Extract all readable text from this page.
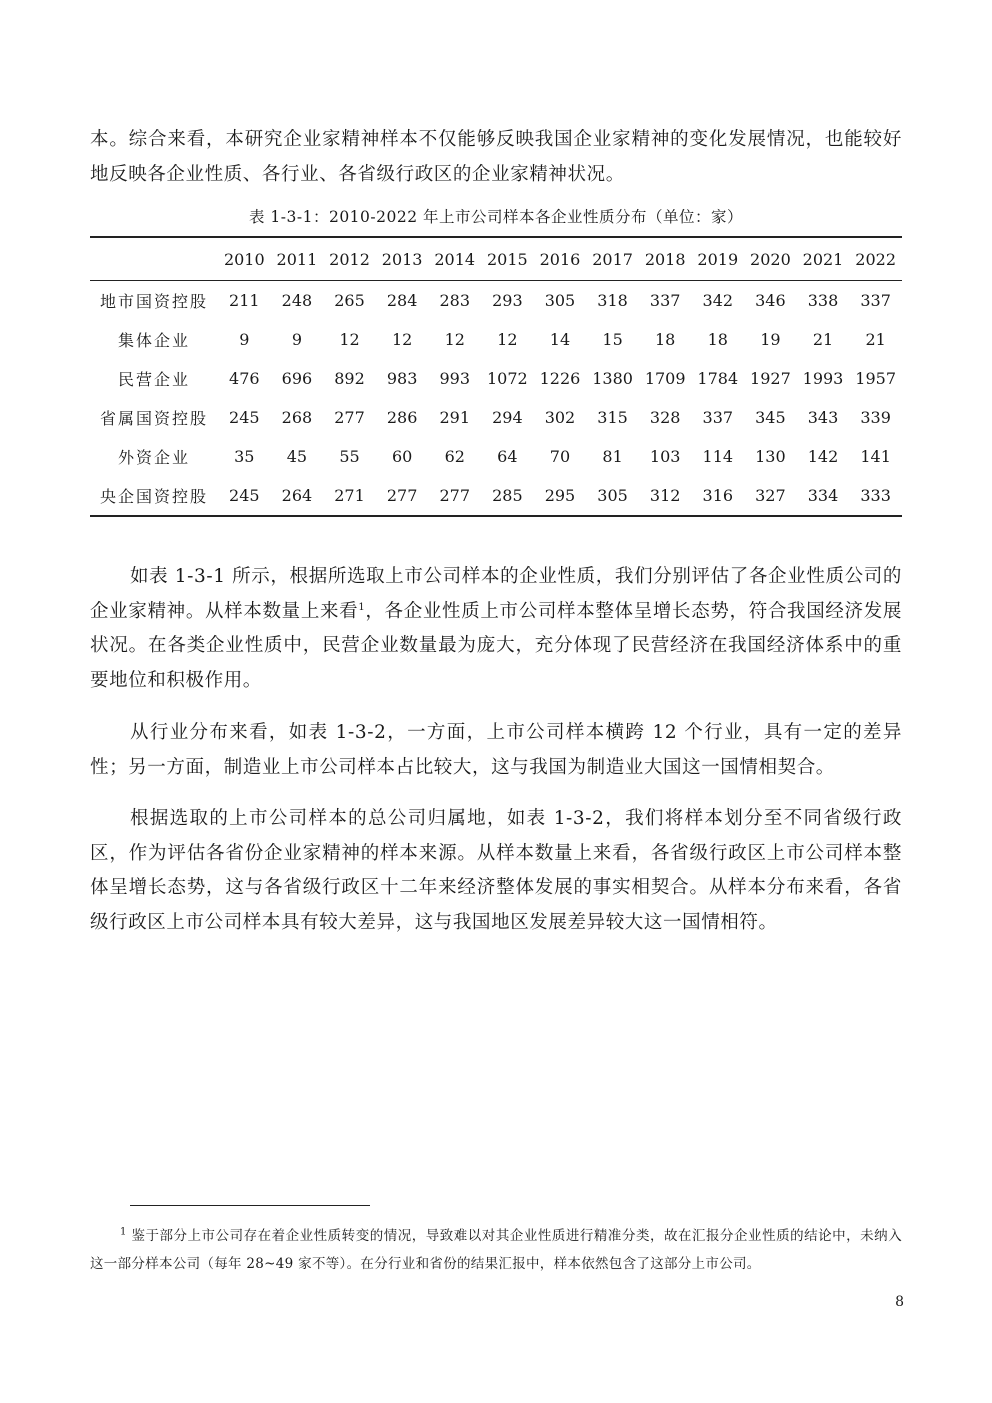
本。综合来看，本研究企业家精神样本不仅能够反映我国企业家精神的变化发展情况，也能较好地反映各企业性质、各行业、各省级行政区的企业家精神状况。

表 1-3-1：2010-2022 年上市公司样本各企业性质分布（单位：家）
	2010	2011	2012	2013	2014	2015	2016	2017	2018	2019	2020	2021	2022
地市国资控股	211	248	265	284	283	293	305	318	337	342	346	338	337
集体企业	9	9	12	12	12	12	14	15	18	18	19	21	21
民营企业	476	696	892	983	993	1072	1226	1380	1709	1784	1927	1993	1957
省属国资控股	245	268	277	286	291	294	302	315	328	337	345	343	339
外资企业	35	45	55	60	62	64	70	81	103	114	130	142	141
央企国资控股	245	264	271	277	277	285	295	305	312	316	327	334	333

如表 1-3-1 所示，根据所选取上市公司样本的企业性质，我们分别评估了各企业性质公司的企业家精神。从样本数量上来看$^1$，各企业性质上市公司样本整体呈增长态势，符合我国经济发展状况。在各类企业性质中，民营企业数量最为庞大，充分体现了民营经济在我国经济体系中的重要地位和积极作用。

从行业分布来看，如表 1-3-2，一方面，上市公司样本横跨 12 个行业，具有一定的差异性；另一方面，制造业上市公司样本占比较大，这与我国为制造业大国这一国情相契合。

根据选取的上市公司样本的总公司归属地，如表 1-3-2，我们将样本划分至不同省级行政区，作为评估各省份企业家精神的样本来源。从样本数量上来看，各省级行政区上市公司样本整体呈增长态势，这与各省级行政区十二年来经济整体发展的事实相契合。从样本分布来看，各省级行政区上市公司样本具有较大差异，这与我国地区发展差异较大这一国情相符。

$^1$ 鉴于部分上市公司存在着企业性质转变的情况，导致难以对其企业性质进行精准分类，故在汇报分企业性质的结论中，未纳入这一部分样本公司（每年 28~49 家不等）。在分行业和省份的结果汇报中，样本依然包含了这部分上市公司。

8
